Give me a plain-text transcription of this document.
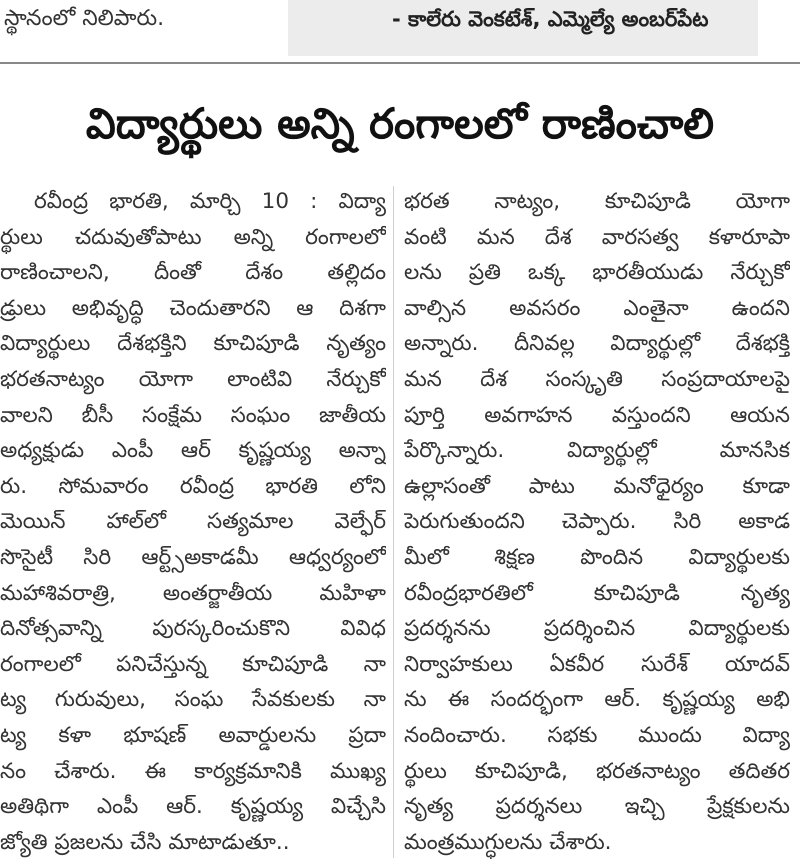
స్థానంలో నిలిపారు.	- కాలేరు వెంకటేశ్, ఎమ్మెల్యే అంబర్‌పేట
విద్యార్థులు అన్ని రంగాలలో రాణించాలి
రవీంద్ర భారతి, మార్చి 10 : విద్యా
ర్థులు చదువుతోపాటు అన్ని రంగాలలో
రాణించాలని, దీంతో దేశం తల్లిదం
డ్రులు అభివృద్ధి చెందుతారని ఆ దిశగా
విద్యార్థులు దేశభక్తిని కూచిపూడి నృత్యం
భరతనాట్యం యోగా లాంటివి నేర్చుకో
వాలని బీసీ సంక్షేమ సంఘం జాతీయ
అధ్యక్షుడు ఎంపీ ఆర్ కృష్ణయ్య అన్నా
రు. సోమవారం రవీంద్ర భారతి లోని
మెయిన్ హాల్‌లో సత్యమాల వెల్ఫేర్
సొసైటీ సిరి ఆర్ట్స్‌అకాడమీ ఆధ్వర్యంలో
మహాశివరాత్రి, అంతర్జాతీయ మహిళా
దినోత్సవాన్ని పురస్కరించుకొని వివిధ
రంగాలలో పనిచేస్తున్న కూచిపూడి నా
ట్య గురువులు, సంఘ సేవకులకు నా
ట్య కళా భూషణ్ అవార్డులను ప్రదా
నం చేశారు. ఈ కార్యక్రమానికి ముఖ్య
అతిథిగా ఎంపీ ఆర్. కృష్ణయ్య విచ్చేసి
జ్యోతి ప్రజలను చేసి మాటాడుతూ..
భరత నాట్యం, కూచిపూడి యోగా
వంటి మన దేశ వారసత్వ కళారూపా
లను ప్రతి ఒక్క భారతీయుడు నేర్చుకో
వాల్సిన అవసరం ఎంతైనా ఉందని
అన్నారు. దీనివల్ల విద్యార్థుల్లో దేశభక్తి
మన దేశ సంస్కృతి సంప్రదాయాలపై
పూర్తి అవగాహన వస్తుందని ఆయన
పేర్కొన్నారు. విద్యార్థుల్లో మానసిక
ఉల్లాసంతో పాటు మనోధైర్యం కూడా
పెరుగుతుందని చెప్పారు. సిరి అకాడ
మీలో శిక్షణ పొందిన విద్యార్థులకు
రవీంద్రభారతిలో కూచిపూడి నృత్య
ప్రదర్శనను ప్రదర్శించిన విద్యార్థులకు
నిర్వాహకులు ఏకవీర సురేశ్ యాదవ్
ను ఈ సందర్భంగా ఆర్. కృష్ణయ్య అభి
నందించారు. సభకు ముందు విద్యా
ర్థులు కూచిపూడి, భరతనాట్యం తదితర
నృత్య ప్రదర్శనలు ఇచ్చి ప్రేక్షకులను
మంత్రముగ్ధులను చేశారు.
